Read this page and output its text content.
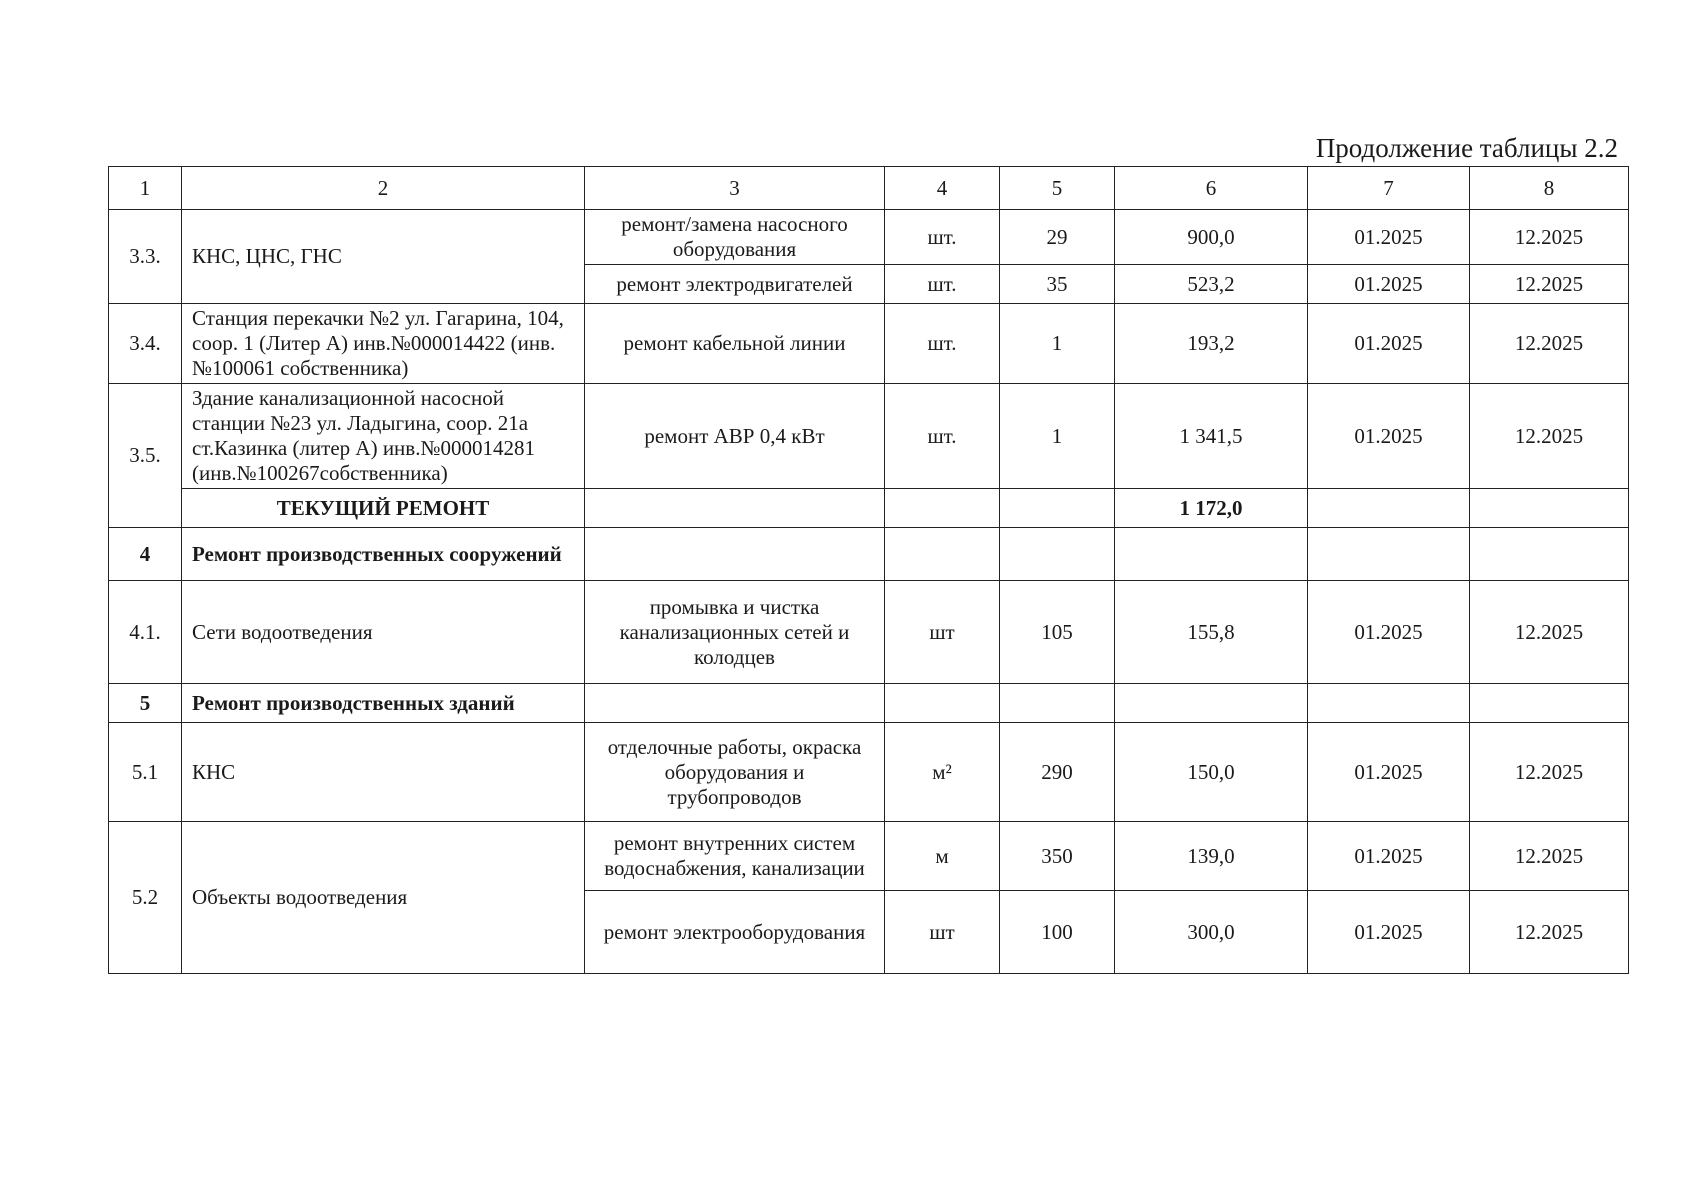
Продолжение таблицы 2.2
1	2	3	4	5	6	7	8
3.3.	КНС, ЦНС, ГНС	ремонт/замена насосного оборудования	шт.	29	900,0	01.2025	12.2025
		ремонт электродвигателей	шт.	35	523,2	01.2025	12.2025
3.4.	Станция перекачки №2 ул. Гагарина, 104, соор. 1 (Литер А) инв.№000014422 (инв.№100061 собственника)	ремонт кабельной линии	шт.	1	193,2	01.2025	12.2025
3.5.	Здание канализационной насосной станции №23 ул. Ладыгина, соор. 21а ст.Казинка (литер А) инв.№000014281 (инв.№100267собственника)	ремонт АВР 0,4 кВт	шт.	1	1 341,5	01.2025	12.2025
	ТЕКУЩИЙ РЕМОНТ				1 172,0		
4	Ремонт производственных сооружений						
4.1.	Сети водоотведения	промывка и чистка канализационных сетей и колодцев	шт	105	155,8	01.2025	12.2025
5	Ремонт производственных зданий						
5.1	КНС	отделочные работы, окраска оборудования и трубопроводов	м²	290	150,0	01.2025	12.2025
5.2	Объекты водоотведения	ремонт внутренних систем водоснабжения, канализации	м	350	139,0	01.2025	12.2025
		ремонт электрооборудования	шт	100	300,0	01.2025	12.2025
